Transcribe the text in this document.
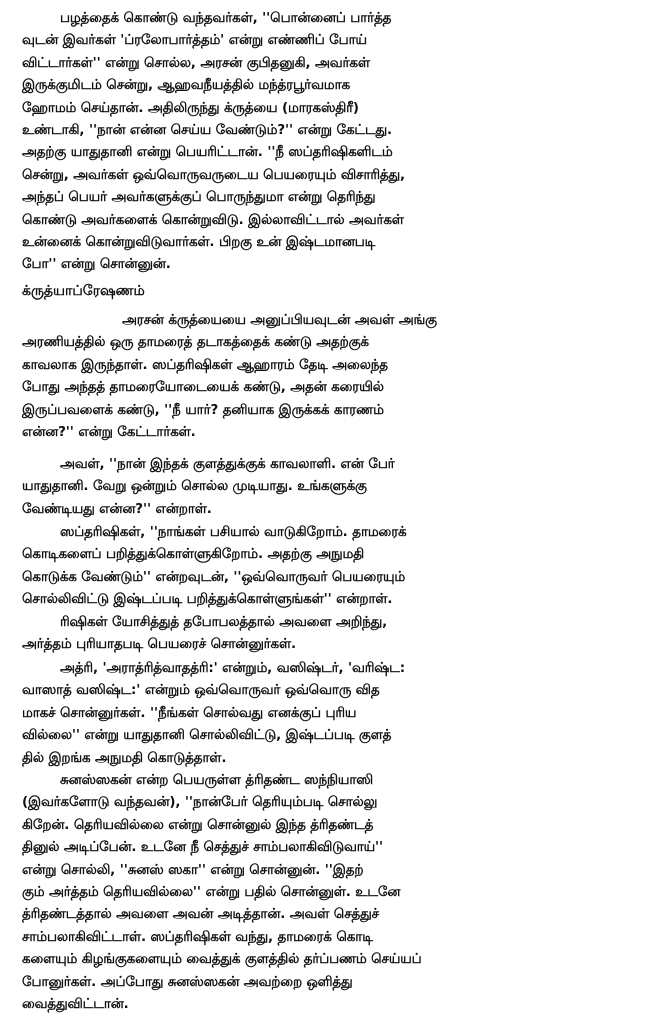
பழத்தைக் கொண்டு வந்தவர்கள், ''பொன்னைப் பார்த்த
வுடன் இவர்கள் 'ப்ரலோபார்த்தம்' என்று எண்ணிப் போய்
விட்டார்கள்'' என்று சொல்ல, அரசன் குபிதனுகி, அவர்கள்
இருக்குமிடம் சென்று, ஆஹவநீயத்தில் மந்த்ரபூர்வமாக
ஹோமம் செய்தான். அதிலிருந்து க்ருத்யை (மாரகஸ்திரீ)
உண்டாகி, ''நான் என்ன செய்ய வேண்டும்?'' என்று கேட்டது.
அதற்கு யாதுதானி என்று பெயரிட்டான். ''நீ ஸப்தரிஷிகளிடம்
சென்று, அவர்கள் ஒவ்வொருவருடைய பெயரையும் விசாரித்து,
அந்தப் பெயர் அவர்களுக்குப் பொருந்துமா என்று தெரிந்து
கொண்டு அவர்களைக் கொன்றுவிடு. இல்லாவிட்டால் அவர்கள்
உன்னைக் கொன்றுவிடுவார்கள். பிறகு உன் இஷ்டமானபடி
போ'' என்று சொன்னுன்.

க்ருத்யாப்ரேஷணம்

அரசன் க்ருத்யையை அனுப்பியவுடன் அவள் அங்கு
அரணியத்தில் ஒரு தாமரைத் தடாகத்தைக் கண்டு அதற்குக்
காவலாக இருந்தாள். ஸப்தரிஷிகள் ஆஹாரம் தேடி அலைந்த
போது அந்தத் தாமரையோடையைக் கண்டு, அதன் கரையில்
இருப்பவளைக் கண்டு, ''நீ யார்? தனியாக இருக்கக் காரணம்
என்ன?'' என்று கேட்டார்கள்.

அவள், ''நான் இந்தக் குளத்துக்குக் காவலாளி. என் பேர்
யாதுதானி. வேறு ஒன்றும் சொல்ல முடியாது. உங்களுக்கு
வேண்டியது என்ன?'' என்றாள்.

ஸப்தரிஷிகள், ''நாங்கள் பசியால் வாடுகிறோம். தாமரைக்
கொடிகளைப் பறித்துக்கொள்ளுகிறோம். அதற்கு அநுமதி
கொடுக்க வேண்டும்'' என்றவுடன், ''ஒவ்வொருவர் பெயரையும்
சொல்லிவிட்டு இஷ்டப்படி பறித்துக்கொள்ளுங்கள்'' என்றாள்.

ரிஷிகள் யோசித்துத் தபோபலத்தால் அவளை அறிந்து,
அர்த்தம் புரியாதபடி பெயரைச் சொன்னுர்கள்.

அத்ரி, 'அராத்ரித்வாதத்ரி:' என்றும், வஸிஷ்டர், 'வரிஷ்ட:
வாஸாத் வஸிஷ்ட:' என்றும் ஒவ்வொருவர் ஒவ்வொரு வித
மாகச் சொன்னுர்கள். ''நீங்கள் சொல்வது எனக்குப் புரிய
வில்லை'' என்று யாதுதானி சொல்லிவிட்டு, இஷ்டப்படி குளத்
தில் இறங்க அநுமதி கொடுத்தாள்.

சுனஸ்ஸகன் என்ற பெயருள்ள த்ரிதண்ட ஸந்நியாஸி
(இவர்களோடு வந்தவன்), ''நான்பேர் தெரியும்படி சொல்லு
கிறேன். தெரியவில்லை என்று சொன்னுல் இந்த த்ரிதண்டத்
தினுல் அடிப்பேன். உடனே நீ செத்துச் சாம்பலாகிவிடுவாய்''
என்று சொல்லி, ''சுனஸ் ஸகா'' என்று சொன்னுன். ''இதற்
கும் அர்த்தம் தெரியவில்லை'' என்று பதில் சொன்னுள். உடனே
த்ரிதண்டத்தால் அவளை அவன் அடித்தான். அவள் செத்துச்
சாம்பலாகிவிட்டாள். ஸப்தரிஷிகள் வந்து, தாமரைக் கொடி
களையும் கிழங்குகளையும் வைத்துக் குளத்தில் தர்ப்பணம் செய்யப்
போனுர்கள். அப்போது சுனஸ்ஸகன் அவற்றை ஒளித்து
வைத்துவிட்டான்.
